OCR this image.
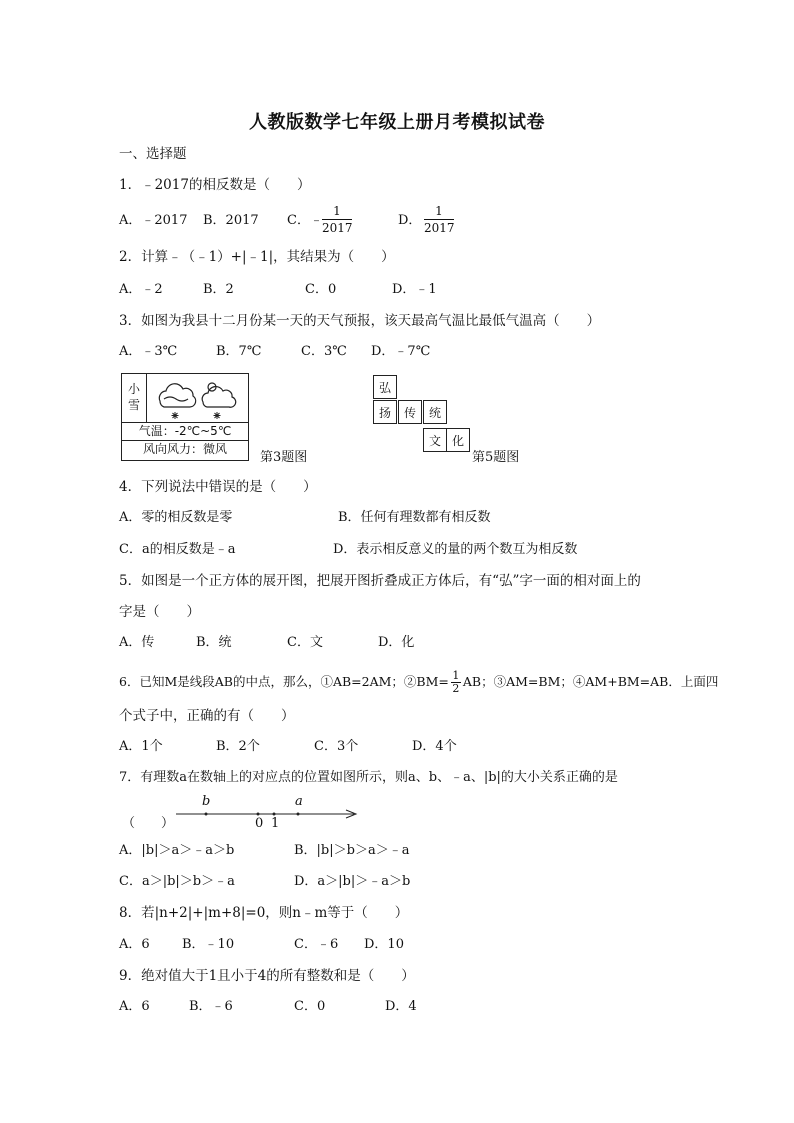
人教版数学七年级上册月考模拟试卷
一、选择题
1．﹣2017的相反数是（　　）
A．﹣2017 B．2017 C．﹣
1
2017	D．
1
2017
2．计算﹣（﹣1）+|﹣1|，其结果为（　　）
A．﹣2	B．2	C．0	D．﹣1
3．如图为我县十二月份某一天的天气预报，该天最高气温比最低气温高（　　）
A．﹣3℃	B．7℃	C．3℃ D．﹣7℃
小
雪
气温：-2℃~5℃
风向风力：微风
第3题图
弘
扬	传	统
文 化
第5题图
4．下列说法中错误的是（　　）
A．零的相反数是零	B．任何有理数都有相反数
C．a的相反数是﹣a	D．表示相反意义的量的两个数互为相反数
5．如图是一个正方体的展开图，把展开图折叠成正方体后，有“弘”字一面的相对面上的
字是（　　）
A．传	B．统	C．文	D．化
6．已知M是线段AB的中点，那么，①AB=2AM；②BM= $\frac{1}{2}$ AB；③AM=BM；④AM+BM=AB．上面四
个式子中，正确的有（　　）
A．1个	B．2个	C．3个	D．4个
7．有理数a在数轴上的对应点的位置如图所示，则a、b、﹣a、|b|的大小关系正确的是
（　　）
b	a
0 1
A．|b|＞a＞﹣a＞b	B．|b|＞b＞a＞﹣a
C．a＞|b|＞b＞﹣a	D．a＞|b|＞﹣a＞b
8．若|n+2|+|m+8|=0，则n﹣m等于（　　）
A．6 B．﹣10	C．﹣6 D．10
9．绝对值大于1且小于4的所有整数和是（　　）
A．6	B．﹣6	C．0	D．4
